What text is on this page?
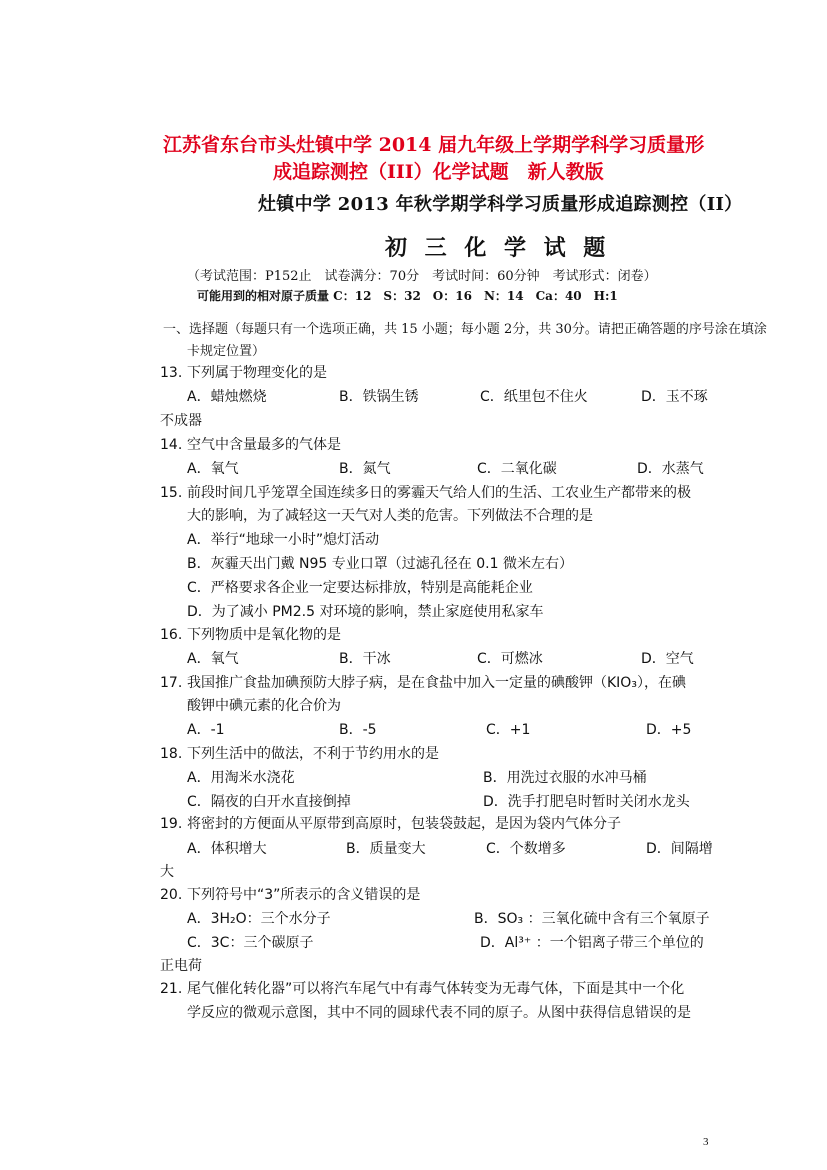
江苏省东台市头灶镇中学 2014 届九年级上学期学科学习质量形
成追踪测控（III）化学试题　新人教版
灶镇中学 2013 年秋学期学科学习质量形成追踪测控（II）
初 三 化 学 试 题
（考试范围：P152止　试卷满分：70分　考试时间：60分钟　考试形式：闭卷）
可能用到的相对原子质量 C：12　S：32　O：16　N：14　Ca：40　H:1
一、选择题（每题只有一个选项正确，共 15 小题；每小题 2分，共 30分。请把正确答题的序号涂在填涂
卡规定位置）
13. 下列属于物理变化的是
A．蜡烛燃烧	B．铁锅生锈	C．纸里包不住火	D．玉不琢
不成器
14. 空气中含量最多的气体是
A．氧气	B．氮气	C．二氧化碳	D．水蒸气
15. 前段时间几乎笼罩全国连续多日的雾霾天气给人们的生活、工农业生产都带来的极
大的影响，为了减轻这一天气对人类的危害。下列做法不合理的是
A．举行“地球一小时”熄灯活动
B．灰霾天出门戴 N95 专业口罩（过滤孔径在 0.1 微米左右）
C．严格要求各企业一定要达标排放，特别是高能耗企业
D．为了减小 PM2.5 对环境的影响，禁止家庭使用私家车
16. 下列物质中是氧化物的是
A．氧气	B．干冰	C．可燃冰	D．空气
17. 我国推广食盐加碘预防大脖子病，是在食盐中加入一定量的碘酸钾（KIO₃），在碘
酸钾中碘元素的化合价为
A．-1	B．-5	C．+1	D．+5
18. 下列生活中的做法，不利于节约用水的是
A．用淘米水浇花	B．用洗过衣服的水冲马桶
C．隔夜的白开水直接倒掉	D．洗手打肥皂时暂时关闭水龙头
19. 将密封的方便面从平原带到高原时，包装袋鼓起，是因为袋内气体分子
A．体积增大	B．质量变大	C．个数增多	D．间隔增
大
20. 下列符号中“3”所表示的含义错误的是
A．3H₂O：三个水分子	B．SO₃ ：三氧化硫中含有三个氧原子
C．3C：三个碳原子	D．Al³⁺ ：一个铝离子带三个单位的
正电荷
21. 尾气催化转化器”可以将汽车尾气中有毒气体转变为无毒气体，下面是其中一个化
学反应的微观示意图，其中不同的圆球代表不同的原子。从图中获得信息错误的是
3
